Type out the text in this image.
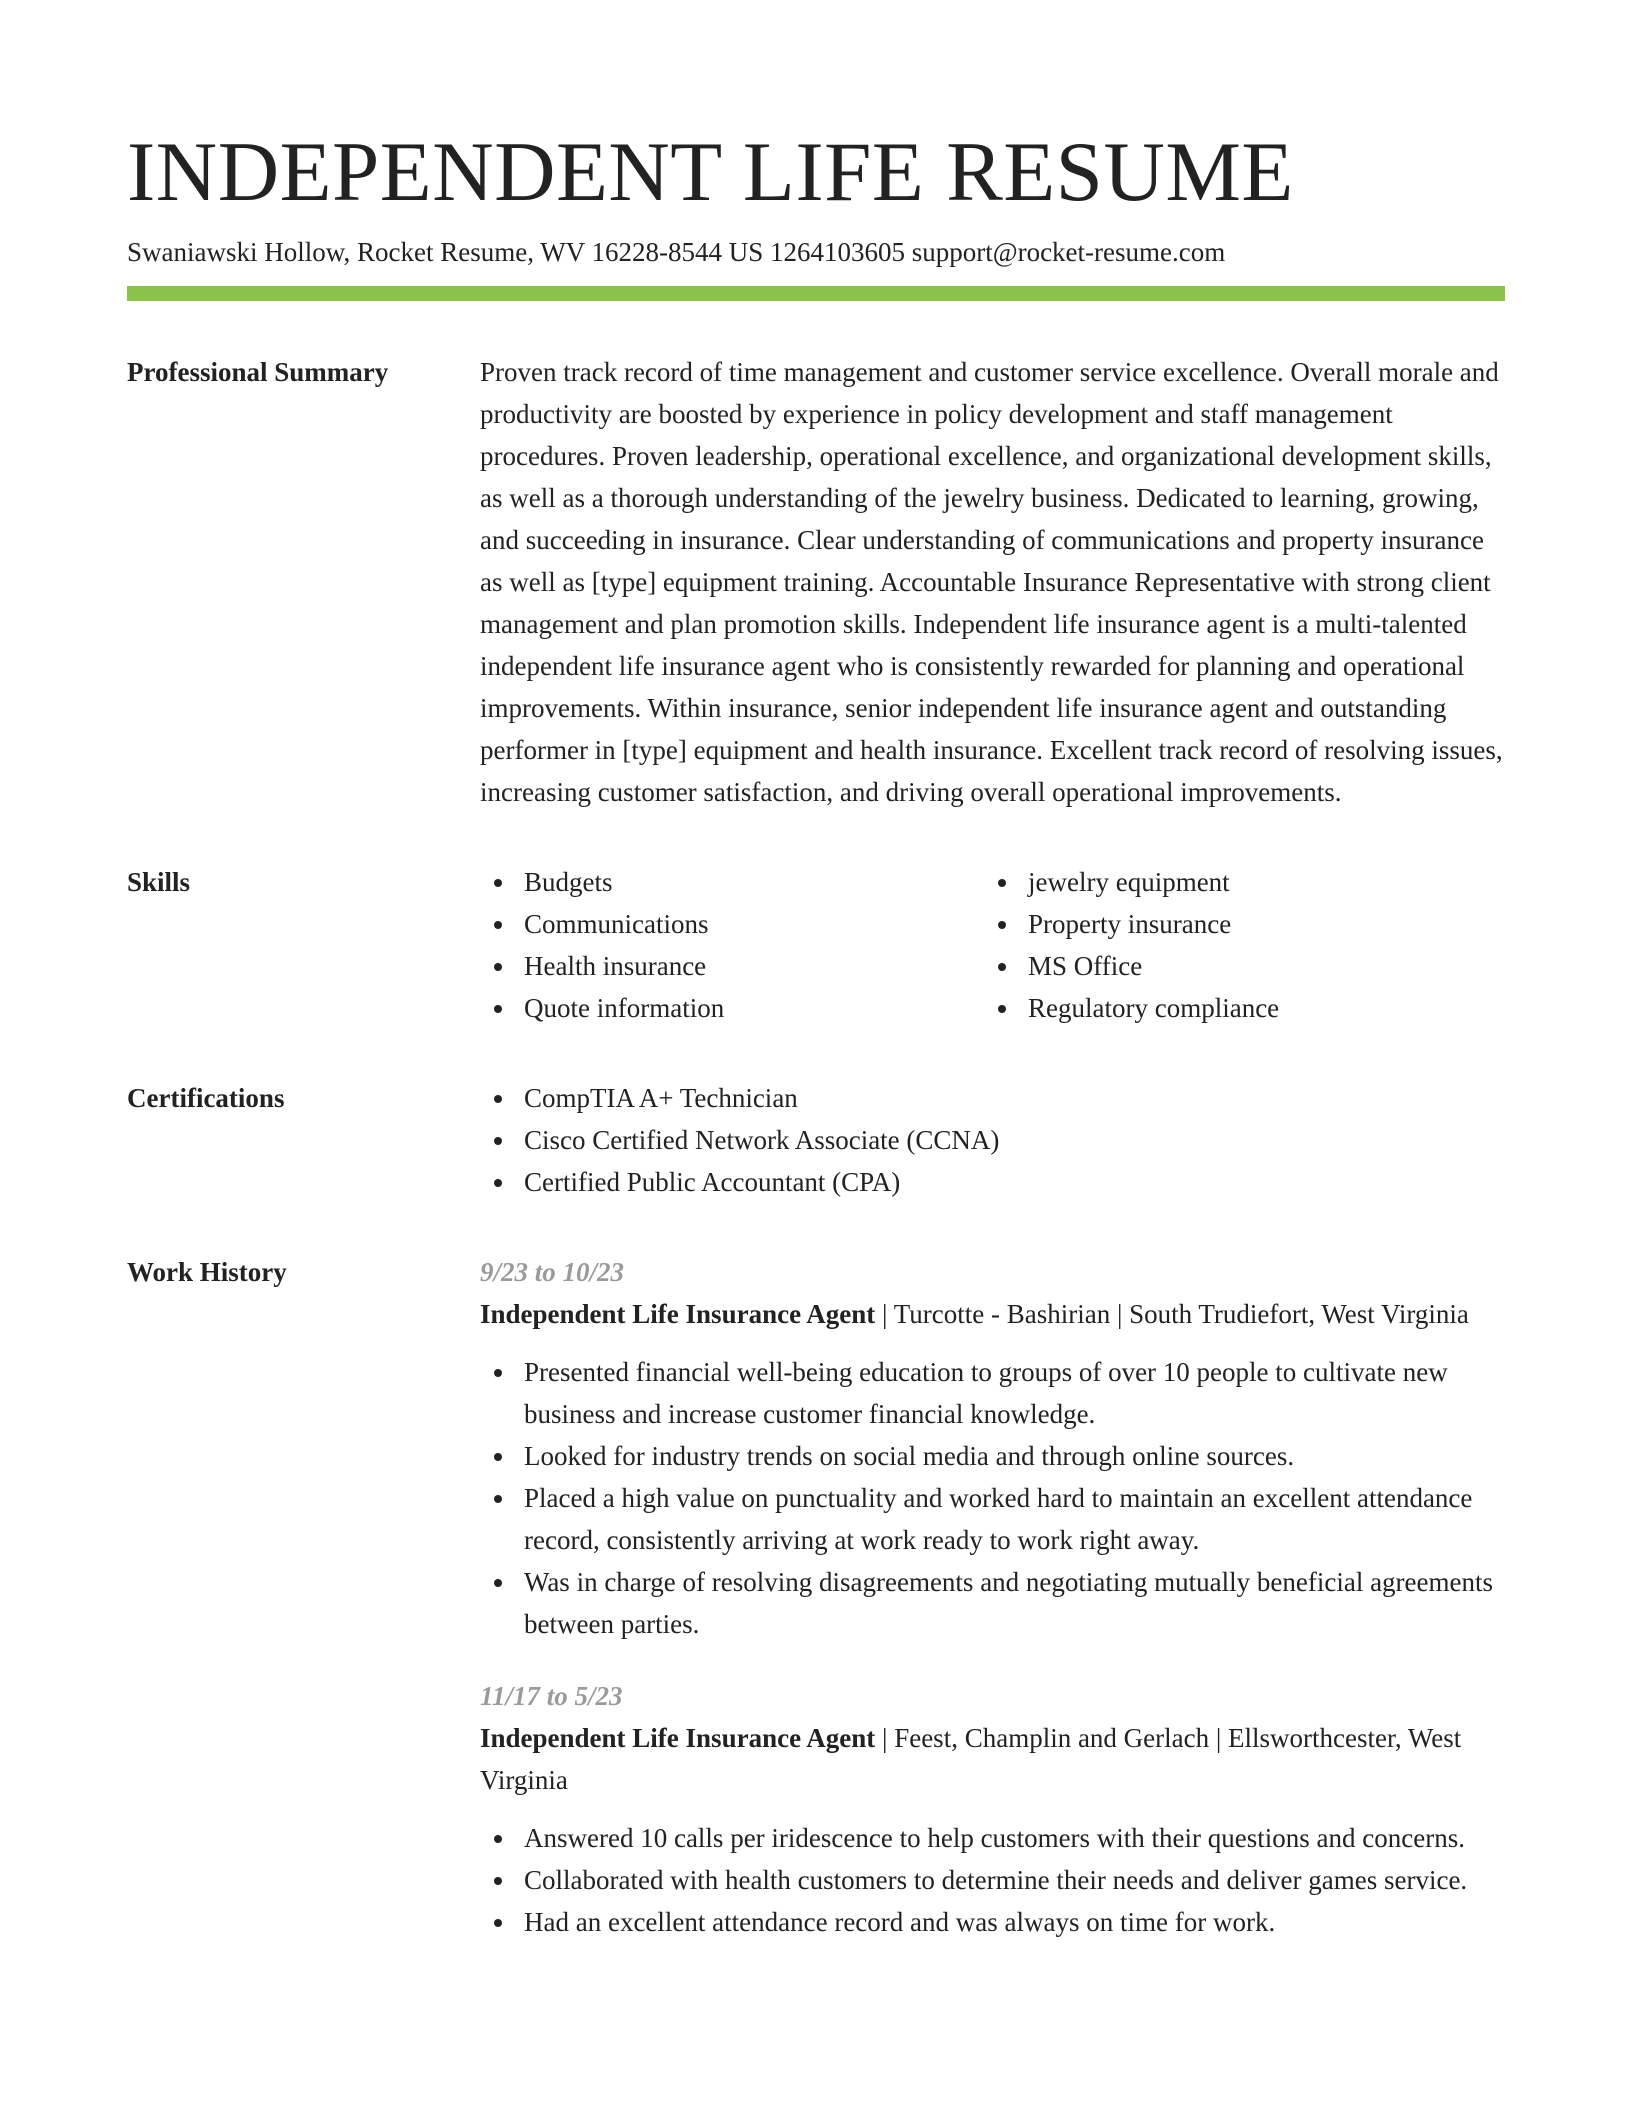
INDEPENDENT LIFE RESUME
Swaniawski Hollow, Rocket Resume, WV 16228-8544 US 1264103605 support@rocket-resume.com
Professional Summary	Proven track record of time management and customer service excellence. Overall morale and productivity are boosted by experience in policy development and staff management procedures. Proven leadership, operational excellence, and organizational development skills, as well as a thorough understanding of the jewelry business. Dedicated to learning, growing, and succeeding in insurance. Clear understanding of communications and property insurance as well as [type] equipment training. Accountable Insurance Representative with strong client management and plan promotion skills. Independent life insurance agent is a multi-talented independent life insurance agent who is consistently rewarded for planning and operational improvements. Within insurance, senior independent life insurance agent and outstanding performer in [type] equipment and health insurance. Excellent track record of resolving issues, increasing customer satisfaction, and driving overall operational improvements.
Skills	Budgets	jewelry equipment
Communications	Property insurance
Health insurance	MS Office
Quote information	Regulatory compliance
Certifications	CompTIA A+ Technician
Cisco Certified Network Associate (CCNA)
Certified Public Accountant (CPA)
Work History	9/23 to 10/23
Independent Life Insurance Agent | Turcotte - Bashirian | South Trudiefort, West Virginia
Presented financial well-being education to groups of over 10 people to cultivate new business and increase customer financial knowledge.
Looked for industry trends on social media and through online sources.
Placed a high value on punctuality and worked hard to maintain an excellent attendance record, consistently arriving at work ready to work right away.
Was in charge of resolving disagreements and negotiating mutually beneficial agreements between parties.
11/17 to 5/23
Independent Life Insurance Agent | Feest, Champlin and Gerlach | Ellsworthcester, West Virginia
Answered 10 calls per iridescence to help customers with their questions and concerns.
Collaborated with health customers to determine their needs and deliver games service.
Had an excellent attendance record and was always on time for work.
